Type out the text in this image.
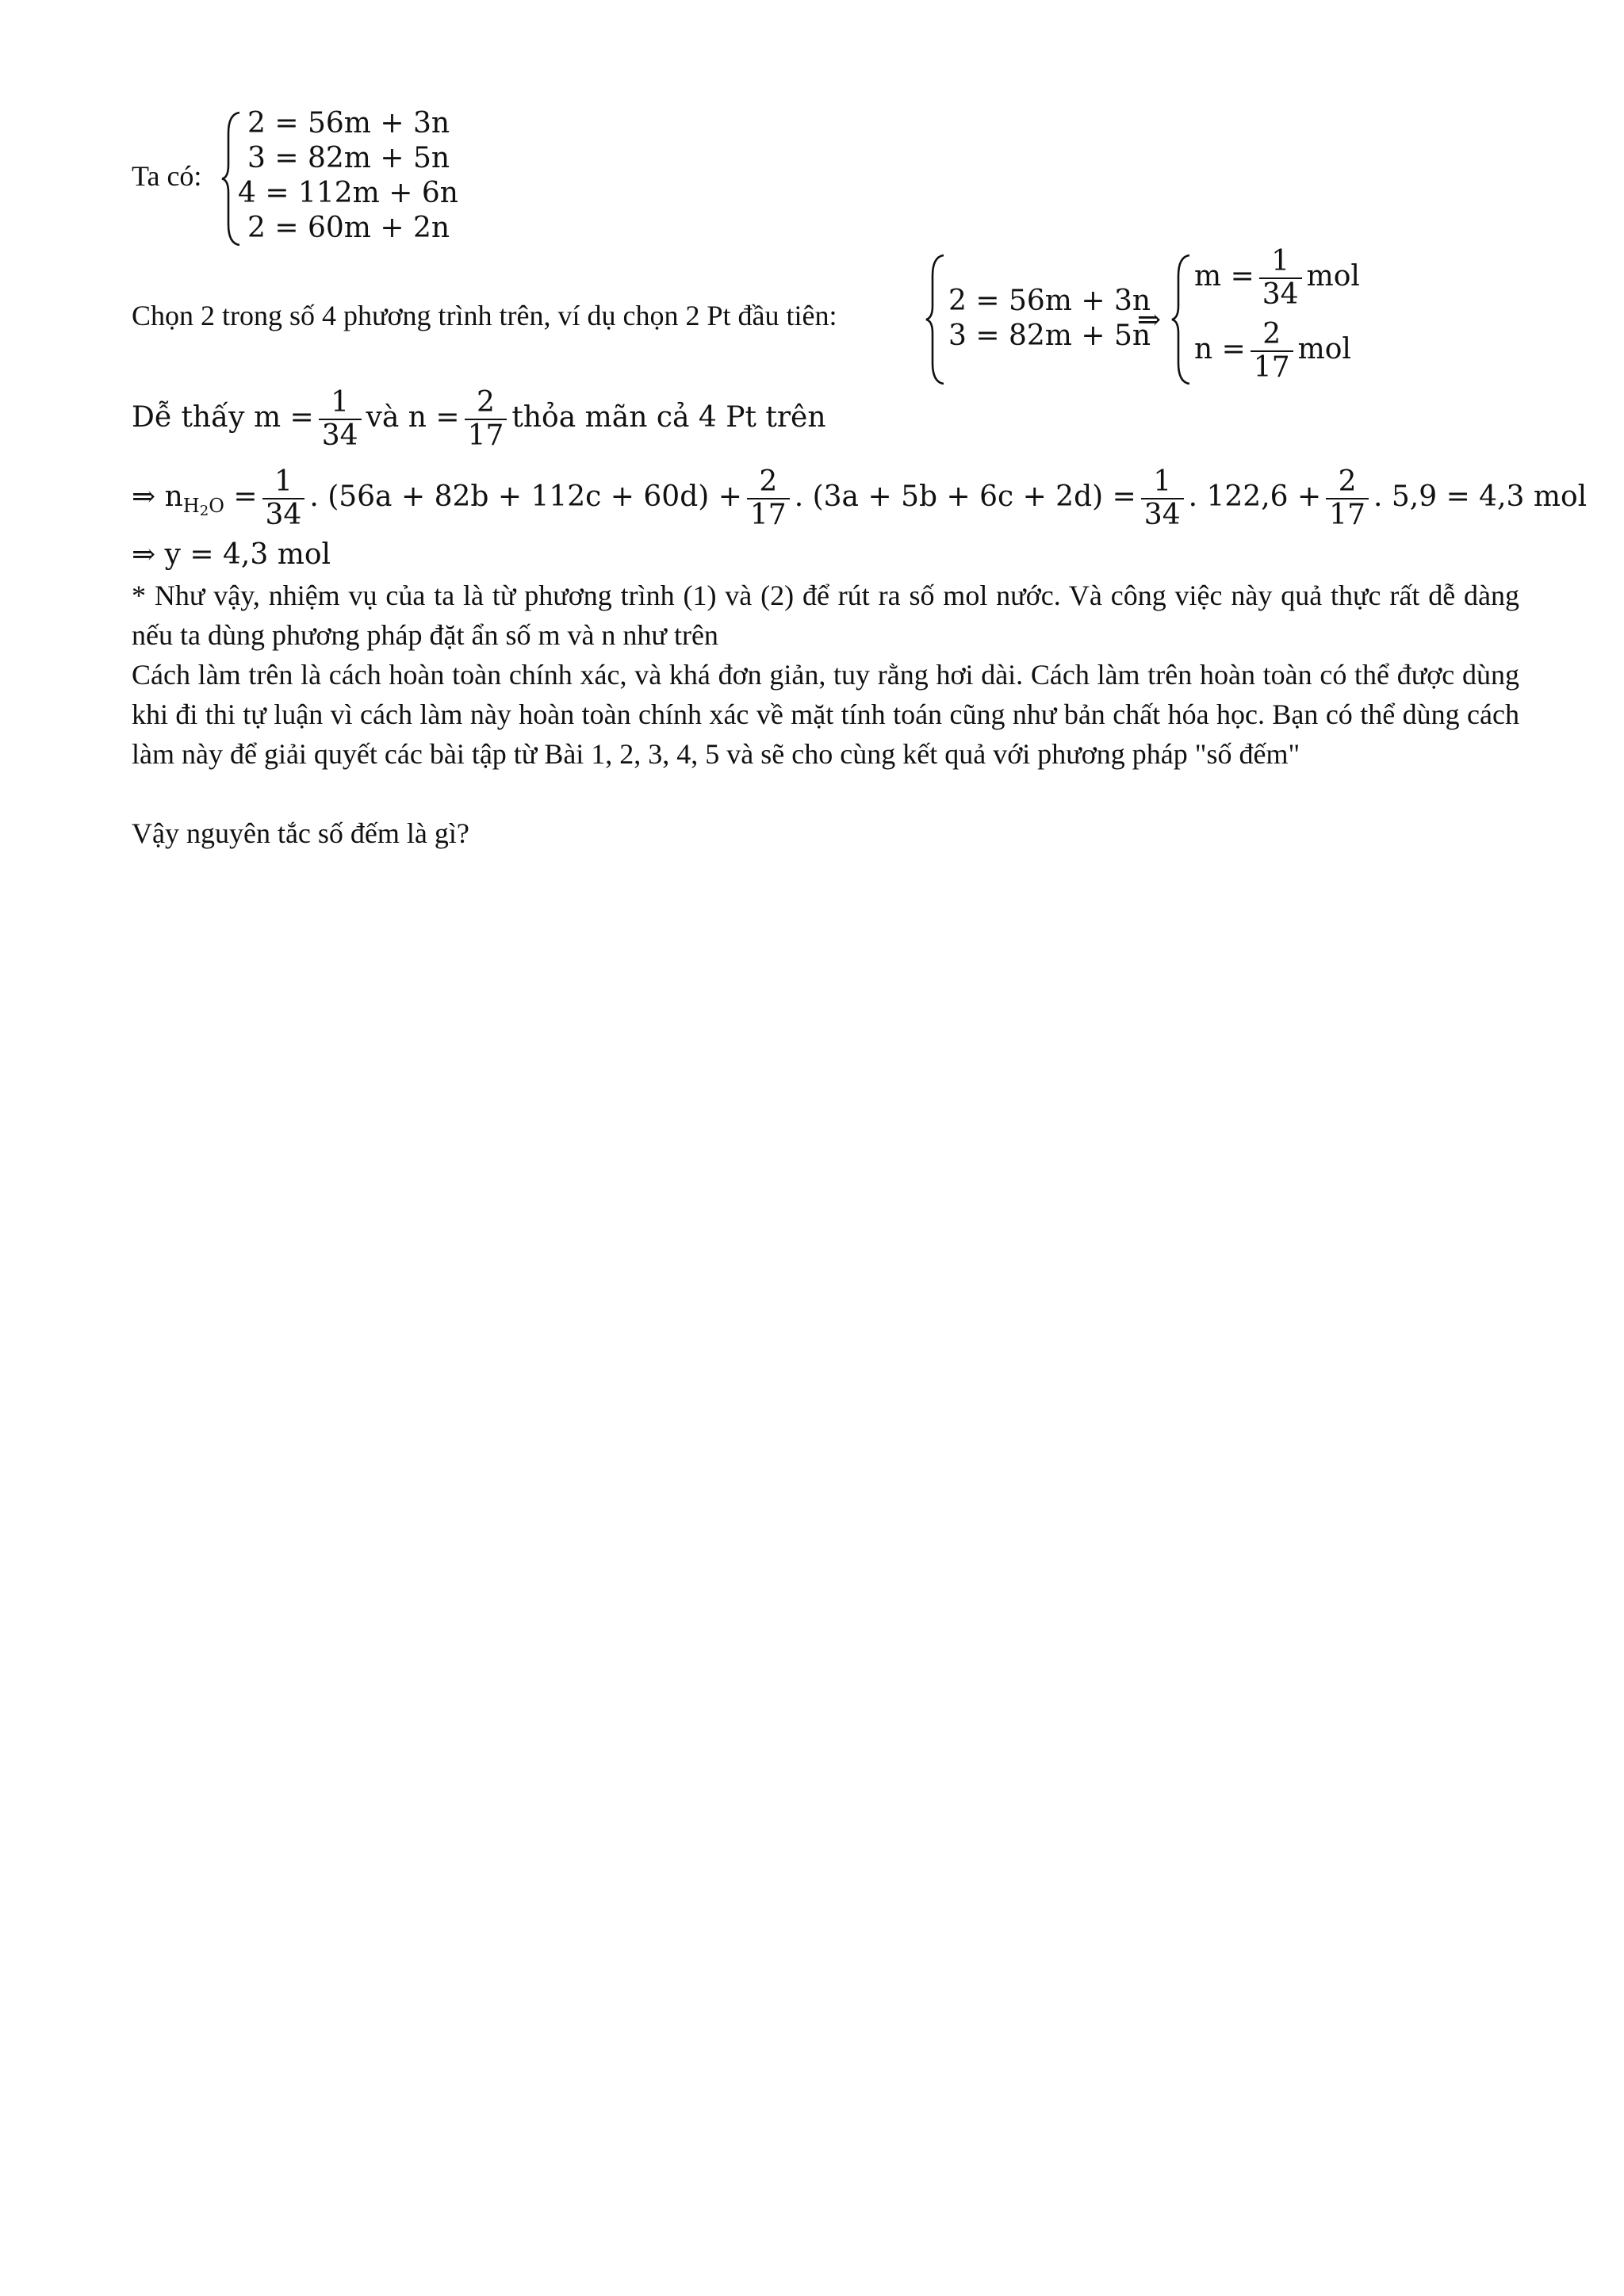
Ta có:
2 = 56m + 3n
3 = 82m + 5n
4 = 112m + 6n
2 = 60m + 2n
Chọn 2 trong số 4 phương trình trên, ví dụ chọn 2 Pt đầu tiên:	2 = 56m + 3n
3 = 82m + 5n
⇒
$m = \frac{1}{34}$ mol
$n = \frac{2}{17}$ mol
Dễ thấy $m = \frac{1}{34}$ và $n = \frac{2}{17}$ thỏa mãn cả 4 Pt trên
⇒ $n_{H_2O} = \frac{1}{34}$ . $(56a + 82b + 112c + 60d) + \frac{2}{17}$ . $(3a + 5b + 6c + 2d) = \frac{1}{34}$ . $122,6 + \frac{2}{17}$ . 5,9 = 4,3 mol
⇒ y = 4,3 mol
* Như vậy, nhiệm vụ của ta là từ phương trình (1) và (2) để rút ra số mol nước. Và công việc này quả thực rất dễ dàng nếu ta dùng phương pháp đặt ẩn số m và n như trên
Cách làm trên là cách hoàn toàn chính xác, và khá đơn giản, tuy rằng hơi dài. Cách làm trên hoàn toàn có thể được dùng khi đi thi tự luận vì cách làm này hoàn toàn chính xác về mặt tính toán cũng như bản chất hóa học. Bạn có thể dùng cách làm này để giải quyết các bài tập từ Bài 1, 2, 3, 4, 5 và sẽ cho cùng kết quả với phương pháp "số đếm"
Vậy nguyên tắc số đếm là gì?
